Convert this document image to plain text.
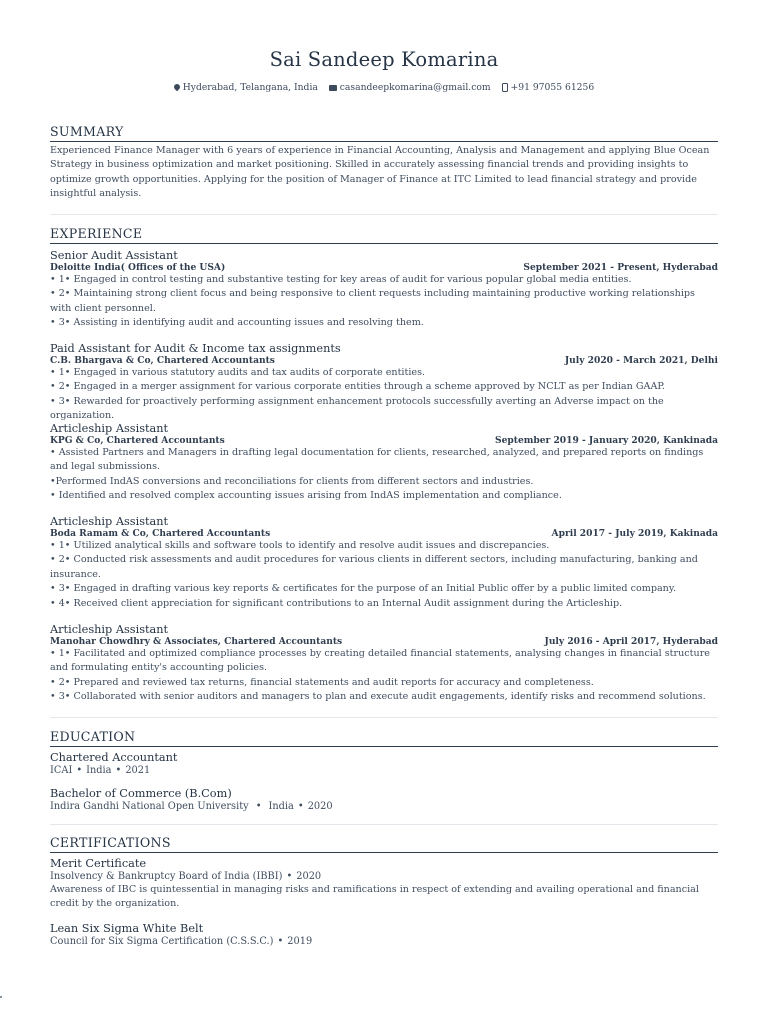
Sai Sandeep Komarina
Hyderabad, Telangana, India casandeepkomarina@gmail.com +91 97055 61256
SUMMARY
Experienced Finance Manager with 6 years of experience in Financial Accounting, Analysis and Management and applying Blue Ocean Strategy in business optimization and market positioning. Skilled in accurately assessing financial trends and providing insights to optimize growth opportunities. Applying for the position of Manager of Finance at ITC Limited to lead financial strategy and provide insightful analysis.
EXPERIENCE
Senior Audit Assistant
Deloitte India( Offices of the USA)	September 2021 - Present, Hyderabad
• 1• Engaged in control testing and substantive testing for key areas of audit for various popular global media entities.
• 2• Maintaining strong client focus and being responsive to client requests including maintaining productive working relationships with client personnel.
• 3• Assisting in identifying audit and accounting issues and resolving them.
Paid Assistant for Audit & Income tax assignments
C.B. Bhargava & Co, Chartered Accountants	July 2020 - March 2021, Delhi
• 1• Engaged in various statutory audits and tax audits of corporate entities.
• 2• Engaged in a merger assignment for various corporate entities through a scheme approved by NCLT as per Indian GAAP.
• 3• Rewarded for proactively performing assignment enhancement protocols successfully averting an Adverse impact on the organization.
Articleship Assistant
KPG & Co, Chartered Accountants	September 2019 - January 2020, Kankinada
• Assisted Partners and Managers in drafting legal documentation for clients, researched, analyzed, and prepared reports on findings and legal submissions.
•Performed IndAS conversions and reconciliations for clients from different sectors and industries.
• Identified and resolved complex accounting issues arising from IndAS implementation and compliance.
Articleship Assistant
Boda Ramam & Co, Chartered Accountants	April 2017 - July 2019, Kakinada
• 1• Utilized analytical skills and software tools to identify and resolve audit issues and discrepancies.
• 2• Conducted risk assessments and audit procedures for various clients in different sectors, including manufacturing, banking and insurance.
• 3• Engaged in drafting various key reports & certificates for the purpose of an Initial Public offer by a public limited company.
• 4• Received client appreciation for significant contributions to an Internal Audit assignment during the Articleship.
Articleship Assistant
Manohar Chowdhry & Associates, Chartered Accountants	July 2016 - April 2017, Hyderabad
• 1• Facilitated and optimized compliance processes by creating detailed financial statements, analysing changes in financial structure and formulating entity's accounting policies.
• 2• Prepared and reviewed tax returns, financial statements and audit reports for accuracy and completeness.
• 3• Collaborated with senior auditors and managers to plan and execute audit engagements, identify risks and recommend solutions.
EDUCATION
Chartered Accountant
ICAI • India • 2021
Bachelor of Commerce (B.Com)
Indira Gandhi National Open University • India • 2020
CERTIFICATIONS
Merit Certificate
Insolvency & Bankruptcy Board of India (IBBI) • 2020
Awareness of IBC is quintessential in managing risks and ramifications in respect of extending and availing operational and financial credit by the organization.
Lean Six Sigma White Belt
Council for Six Sigma Certification (C.S.S.C.) • 2019
